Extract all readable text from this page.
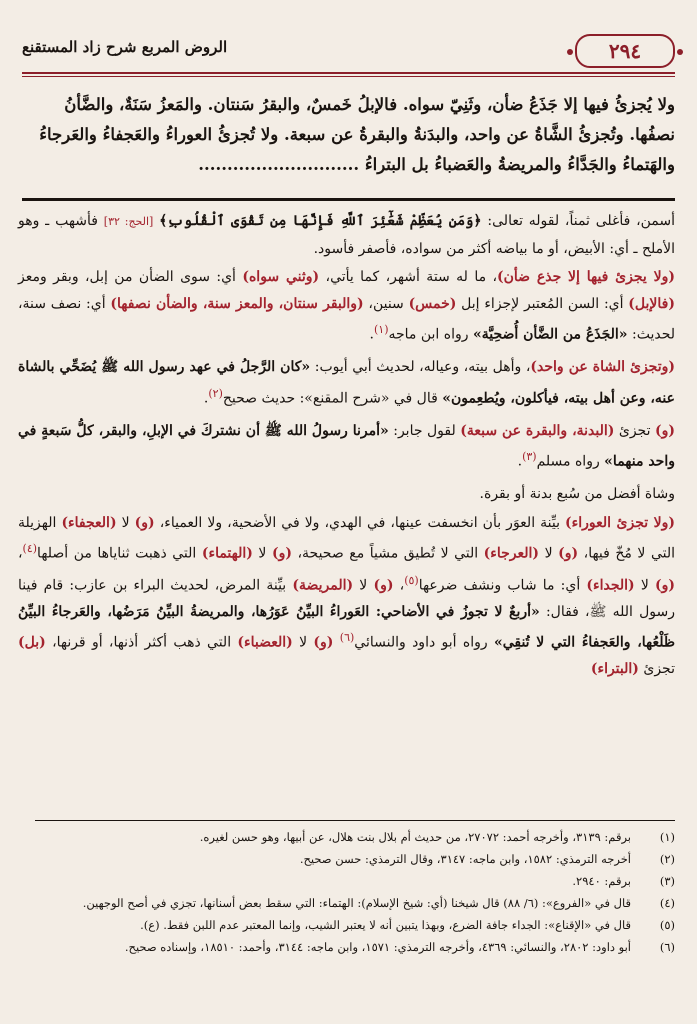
٢٩٤
الروض المربع شرح زاد المستقنع
ولا يُجزئُ فيها إلا جَذَعُ ضأن، وثَنِيّ سواه. فالإبلُ خَمسٌ، والبقرُ سَنتان. والمَعزُ سَنَةٌ، والضَّأنُ
نصفُها. وتُجزئُ الشَّاةُ عن واحد، والبدَنةُ والبقرةُ عن سبعة. ولا تُجزئُ العوراءُ والعَجفاءُ والعَرجاءُ
والهَتماءُ والجَدَّاءُ والمريضةُ والعَضباءُ بل البتراءُ ............................

أسمن، فأغلى ثمناً، لقوله تعالى: ﴿وَمَن يُعَظِّمْ شَعَٰٓئِرَ ٱللَّهِ فَإِنَّهَا مِن تَقْوَى ٱلْقُلُوبِ﴾ [الحج: ٣٢] فأشهب ـ وهو الأملح ـ أي: الأبيض، أو ما بياضه أكثر من سواده، فأصفر فأسود.

(ولا يجزئ فيها إلا جذع ضأن)، ما له ستة أشهر، كما يأتي، (وثني سواه) أي: سوى الضأن من إبل، وبقر ومعز (فالإبل) أي: السن المُعتبر لإجزاء إبل (خمس) سنين، (والبقر سنتان، والمعز سنة، والضأن نصفها) أي: نصف سنة، لحديث: «الجَذَعُ من الضَّأن أُضحِيَّة» رواه ابن ماجه$^{(١)}$.

(وتجزئ الشاة عن واحد)، وأهل بيته، وعياله، لحديث أبي أيوب: «كان الرَّجلُ في عهد رسول الله ﷺ يُضَحِّي بالشاة عنه، وعن أهل بيته، فيأكلون، ويُطعِمون» قال في «شرح المقنع»: حديث صحيح$^{(٢)}$.

(و) تجزئ (البدنة، والبقرة عن سبعة) لقول جابر: «أمرنا رسولُ الله ﷺ أن نشتركَ في الإبلِ، والبقر، كلُّ سَبعةٍ في واحد منهما» رواه مسلم$^{(٣)}$.

وشاة أفضل من سُبع بدنة أو بقرة.

(ولا تجزئ العوراء) بيِّنة العوَر بأن انخسفت عينها، في الهدي، ولا في الأضحية، ولا العمياء، (و) لا (العجفاء) الهزيلة التي لا مُخّ فيها، (و) لا (العرجاء) التي لا تُطيق مشياً مع صحيحة، (و) لا (الهتماء) التي ذهبت ثناياها من أصلها$^{(٤)}$، (و) لا (الجداء) أي: ما شاب ونشف ضرعها$^{(٥)}$، (و) لا (المريضة) بيِّنة المرض، لحديث البراء بن عازب: قام فينا رسول الله ﷺ، فقال: «أربعٌ لا تجوزُ في الأضاحي: العَوراءُ البيِّنُ عَوَرُها، والمريضةُ البيِّنُ مَرَضُها، والعَرجاءُ البيِّنُ ظَلْعُها، والعَجفاءُ التي لا تُنقِي» رواه أبو داود والنسائي$^{(٦)}$ (و) لا (العضباء) التي ذهب أكثر أذنها، أو قرنها، (بل) تجزئ (البتراء)

(١)
برقم: ٣١٣٩، وأخرجه أحمد: ٢٧٠٧٢، من حديث أم بلال بنت هلال، عن أبيها، وهو حسن لغيره.
(٢)
أخرجه الترمذي: ١٥٨٢، وابن ماجه: ٣١٤٧، وقال الترمذي: حسن صحيح.
(٣)
برقم: ٢٩٤٠.
(٤)
قال في «الفروع»: (٦/ ٨٨) قال شيخنا (أي: شيخ الإسلام): الهتماء: التي سقط بعض أسنانها، تجزي في أصح الوجهين.
(٥)
قال في «الإقناع»: الجداء جافة الضرع، وبهذا يتبين أنه لا يعتبر الشيب، وإنما المعتبر عدم اللبن فقط. (ع).
(٦)
أبو داود: ٢٨٠٢، والنسائي: ٤٣٦٩، وأخرجه الترمذي: ١٥٧١، وابن ماجه: ٣١٤٤، وأحمد: ١٨٥١٠، وإسناده صحيح.
